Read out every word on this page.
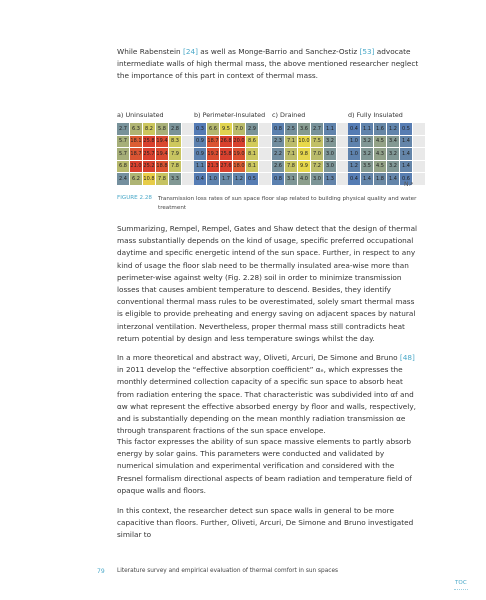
While Rabenstein [24] as well as Monge-Barrio and Sanchez-Ostiz [53] advocate intermediate walls of high thermal mass, the above mentioned researcher neglect the importance of this part in context of thermal mass.

a) Uninsulated
2.7	6.3	8.2	5.8	2.8
5.7 18.1 25.8 19.4 8.3
5.7 18.7 25.7 19.4 7.9
6.8 21.0 25.2 18.8 7.8
2.4	6.2 10.8 7.8	3.3
b) Perimeter-Insulated
0.3	6.6	9.5	7.0	2.9
0.9 18.7 26.8 20.0 8.6
0.9 19.2 25.8 19.0 8.1
1.1 21.3 27.6 18.0 8.1
0.4	1.0	1.7	1.2	0.5
c) Drained
0.8	2.5	3.6	2.7	1.1
2.3	7.1 10.0 7.5	3.2
2.2	7.1	9.8	7.0	3.0
2.6	7.8	9.9	7.2	3.0
0.8	3.1	4.0	3.0	1.3
d) Fully Insulated
0.4	1.1	1.6	1.2	0.5
1.0	3.2	4.5	3.4	1.4
1.0	3.2	4.3	3.2	1.4
1.2	3.5	4.5	3.2	1.4
0.4	1.4	1.8	1.4	0.6
N↗
FIGURE 2.28 Transmission loss rates of sun space floor slap related to building physical quality and water treatment

Summarizing, Rempel, Rempel, Gates and Shaw detect that the design of thermal mass substantially depends on the kind of usage, specific preferred occupational daytime and specific energetic intend of the sun space. Further, in respect to any kind of usage the floor slab need to be thermally insulated area-wise more than perimeter-wise against welty (Fig. 2.28) soil in order to minimize transmission losses that causes ambient temperature to descend. Besides, they identify conventional thermal mass rules to be overestimated, solely smart thermal mass is eligible to provide preheating and energy saving on adjacent spaces by natural interzonal ventilation. Nevertheless, proper thermal mass still contradicts heat return potential by design and less temperature swings whilst the day.

In a more theoretical and abstract way, Oliveti, Arcuri, De Simone and Bruno [48] in 2011 develop the “effective absorption coefficient” αₑ, which expresses the monthly determined collection capacity of a specific sun space to absorb heat from radiation entering the space. That characteristic was subdivided into αf and αw what represent the effective absorbed energy by floor and walls, respectively, and is substantially depending on the mean monthly radiation transmission αe through transparent fractions of the sun space envelope.

This factor expresses the ability of sun space massive elements to partly absorb energy by solar gains. This parameters were conducted and validated by numerical simulation and experimental verification and considered with the Fresnel formalism directional aspects of beam radiation and temperature field of opaque walls and floors.

In this context, the researcher detect sun space walls in general to be more capacitive than floors. Further, Oliveti, Arcuri, De Simone and Bruno investigated similar to

79 Literature survey and empirical evaluation of thermal comfort in sun spaces
TOC
